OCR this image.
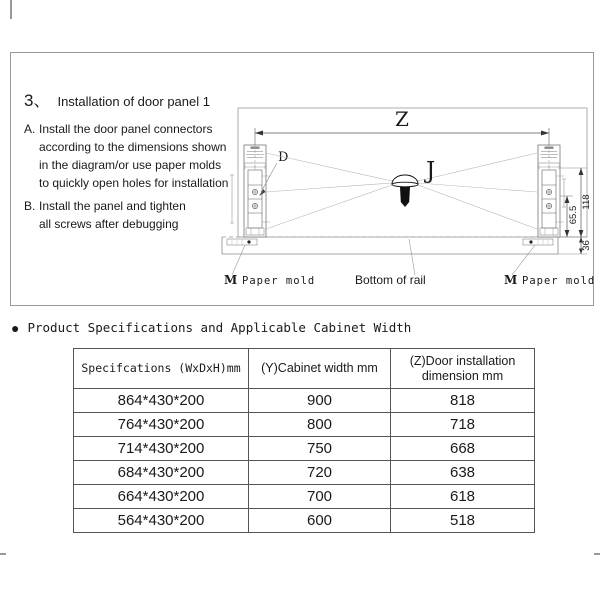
3、 Installation of door panel 1
A. Install the door panel connectors
according to the dimensions shown
in the diagram/or use paper molds
to quickly open holes for installation
B. Install the panel and tighten
all screws after debugging
Z
D
J
118
65.5
36
M Paper mold	Bottom of rail	M Paper mold
● Product Specifications and Applicable Cabinet Width
Specifcations (WxDxH)mm	(Y)Cabinet width mm	(Z)Door installation dimension mm
864*430*200	900	818
764*430*200	800	718
714*430*200	750	668
684*430*200	720	638
664*430*200	700	618
564*430*200	600	518
